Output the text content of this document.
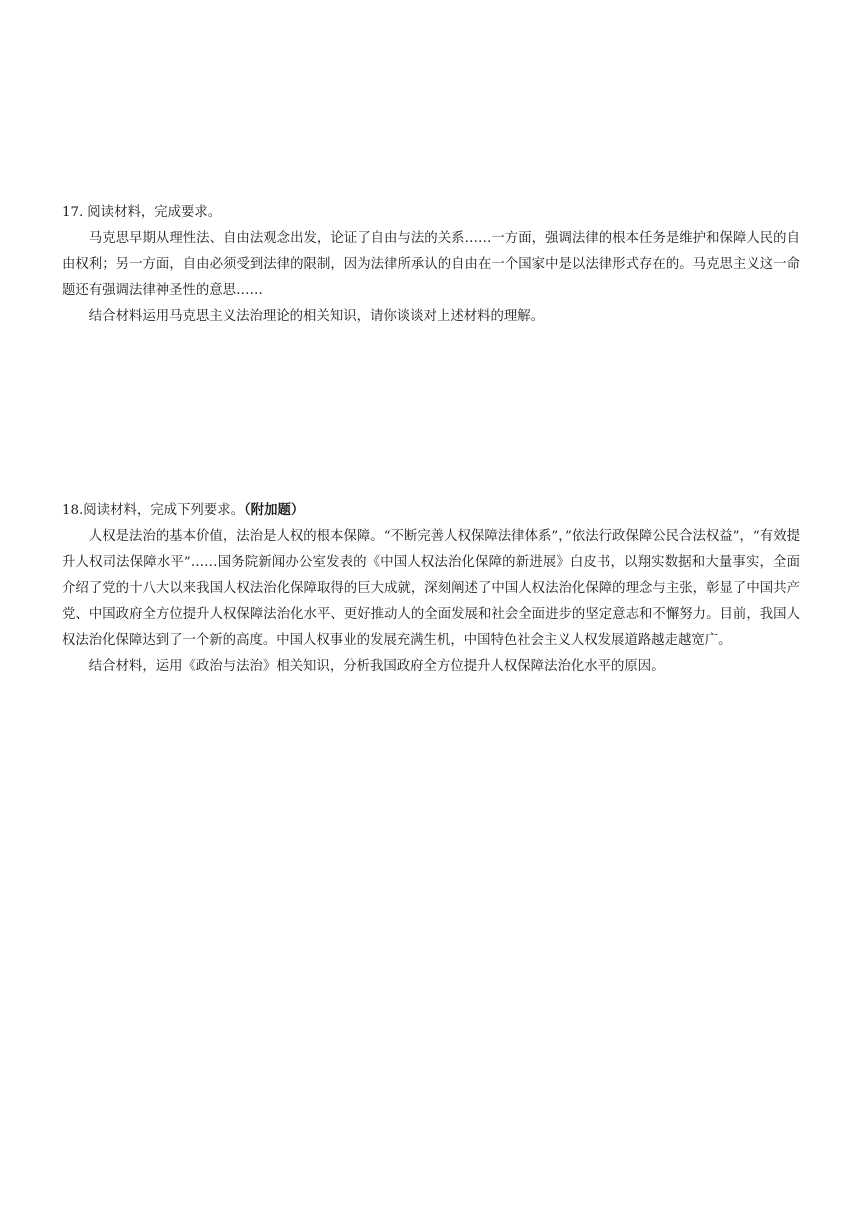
17. 阅读材料，完成要求。

马克思早期从理性法、自由法观念出发，论证了自由与法的关系……一方面，强调法律的根本任务是维护和保障人民的自由权利；另一方面，自由必须受到法律的限制，因为法律所承认的自由在一个国家中是以法律形式存在的。马克思主义这一命题还有强调法律神圣性的意思……

结合材料运用马克思主义法治理论的相关知识，请你谈谈对上述材料的理解。

18.阅读材料，完成下列要求。（附加题）

人权是法治的基本价值，法治是人权的根本保障。“不断完善人权保障法律体系”，”依法行政保障公民合法权益”，“有效提升人权司法保障水平”……国务院新闻办公室发表的《中国人权法治化保障的新进展》白皮书，以翔实数据和大量事实，全面介绍了党的十八大以来我国人权法治化保障取得的巨大成就，深刻阐述了中国人权法治化保障的理念与主张，彰显了中国共产党、中国政府全方位提升人权保障法治化水平、更好推动人的全面发展和社会全面进步的坚定意志和不懈努力。目前，我国人权法治化保障达到了一个新的高度。中国人权事业的发展充满生机，中国特色社会主义人权发展道路越走越宽广。

结合材料，运用《政治与法治》相关知识，分析我国政府全方位提升人权保障法治化水平的原因。
